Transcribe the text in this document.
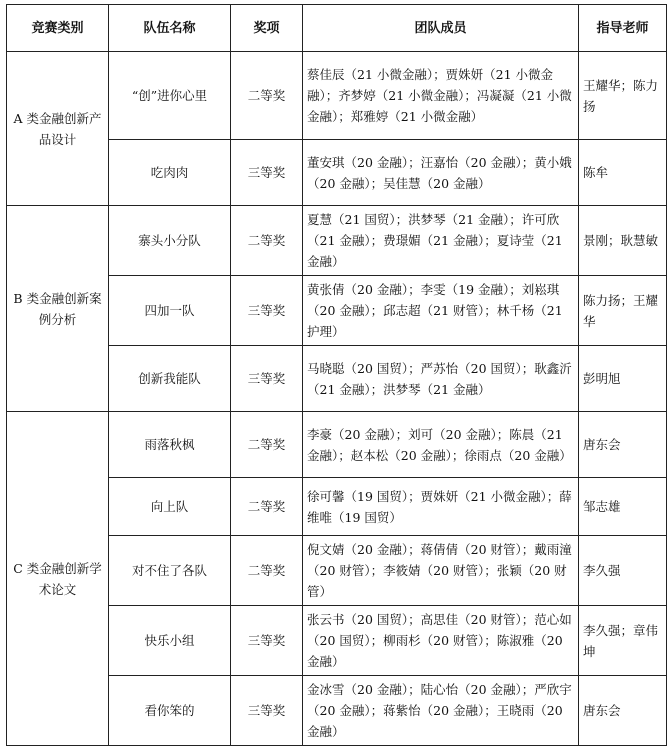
竞赛类别	队伍名称	奖项	团队成员	指导老师
A 类金融创新产品设计	“创”进你心里	二等奖	蔡佳辰（21 小微金融）；贾姝妍（21 小微金融）；齐梦婷（21 小微金融）；冯凝凝（21 小微金融）；郑雅婷（21 小微金融）	王耀华；陈力扬
	吃肉肉	三等奖	董安琪（20 金融）；汪嘉怡（20 金融）；黄小娥（20 金融）；吴佳慧（20 金融）	陈牟
B 类金融创新案例分析	寨头小分队	二等奖	夏慧（21 国贸）；洪梦琴（21 金融）；许可欣（21 金融）；费璟媚（21 金融）；夏诗莹（21 金融）	景刚；耿慧敏
	四加一队	三等奖	黄张倩（20 金融）；李雯（19 金融）；刘崧琪（20 金融）；邱志超（21 财管）；林千杨（21 护理）	陈力扬；王耀华
	创新我能队	三等奖	马晓聪（20 国贸）；严苏怡（20 国贸）；耿鑫沂（21 金融）；洪梦琴（21 金融）	彭明旭
C 类金融创新学术论文	雨落秋枫	二等奖	李豪（20 金融）；刘可（20 金融）；陈晨（21 金融）；赵本松（20 金融）；徐雨点（20 金融）	唐东会
	向上队	二等奖	徐可馨（19 国贸）；贾姝妍（21 小微金融）；薛维唯（19 国贸）	邹志雄
	对不住了各队	二等奖	倪文婧（20 金融）；蒋倩倩（20 财管）；戴雨潼（20 财管）；李筱婧（20 财管）；张颖（20 财管）	李久强
	快乐小组	三等奖	张云书（20 国贸）；高思佳（20 财管）；范心如（20 国贸）；柳雨杉（20 财管）；陈淑雅（20 金融）	李久强；章伟坤
	看你笨的	三等奖	金冰雪（20 金融）；陆心怡（20 金融）；严欣宇（20 金融）；蒋紫怡（20 金融）；王晓雨（20 金融）	唐东会
